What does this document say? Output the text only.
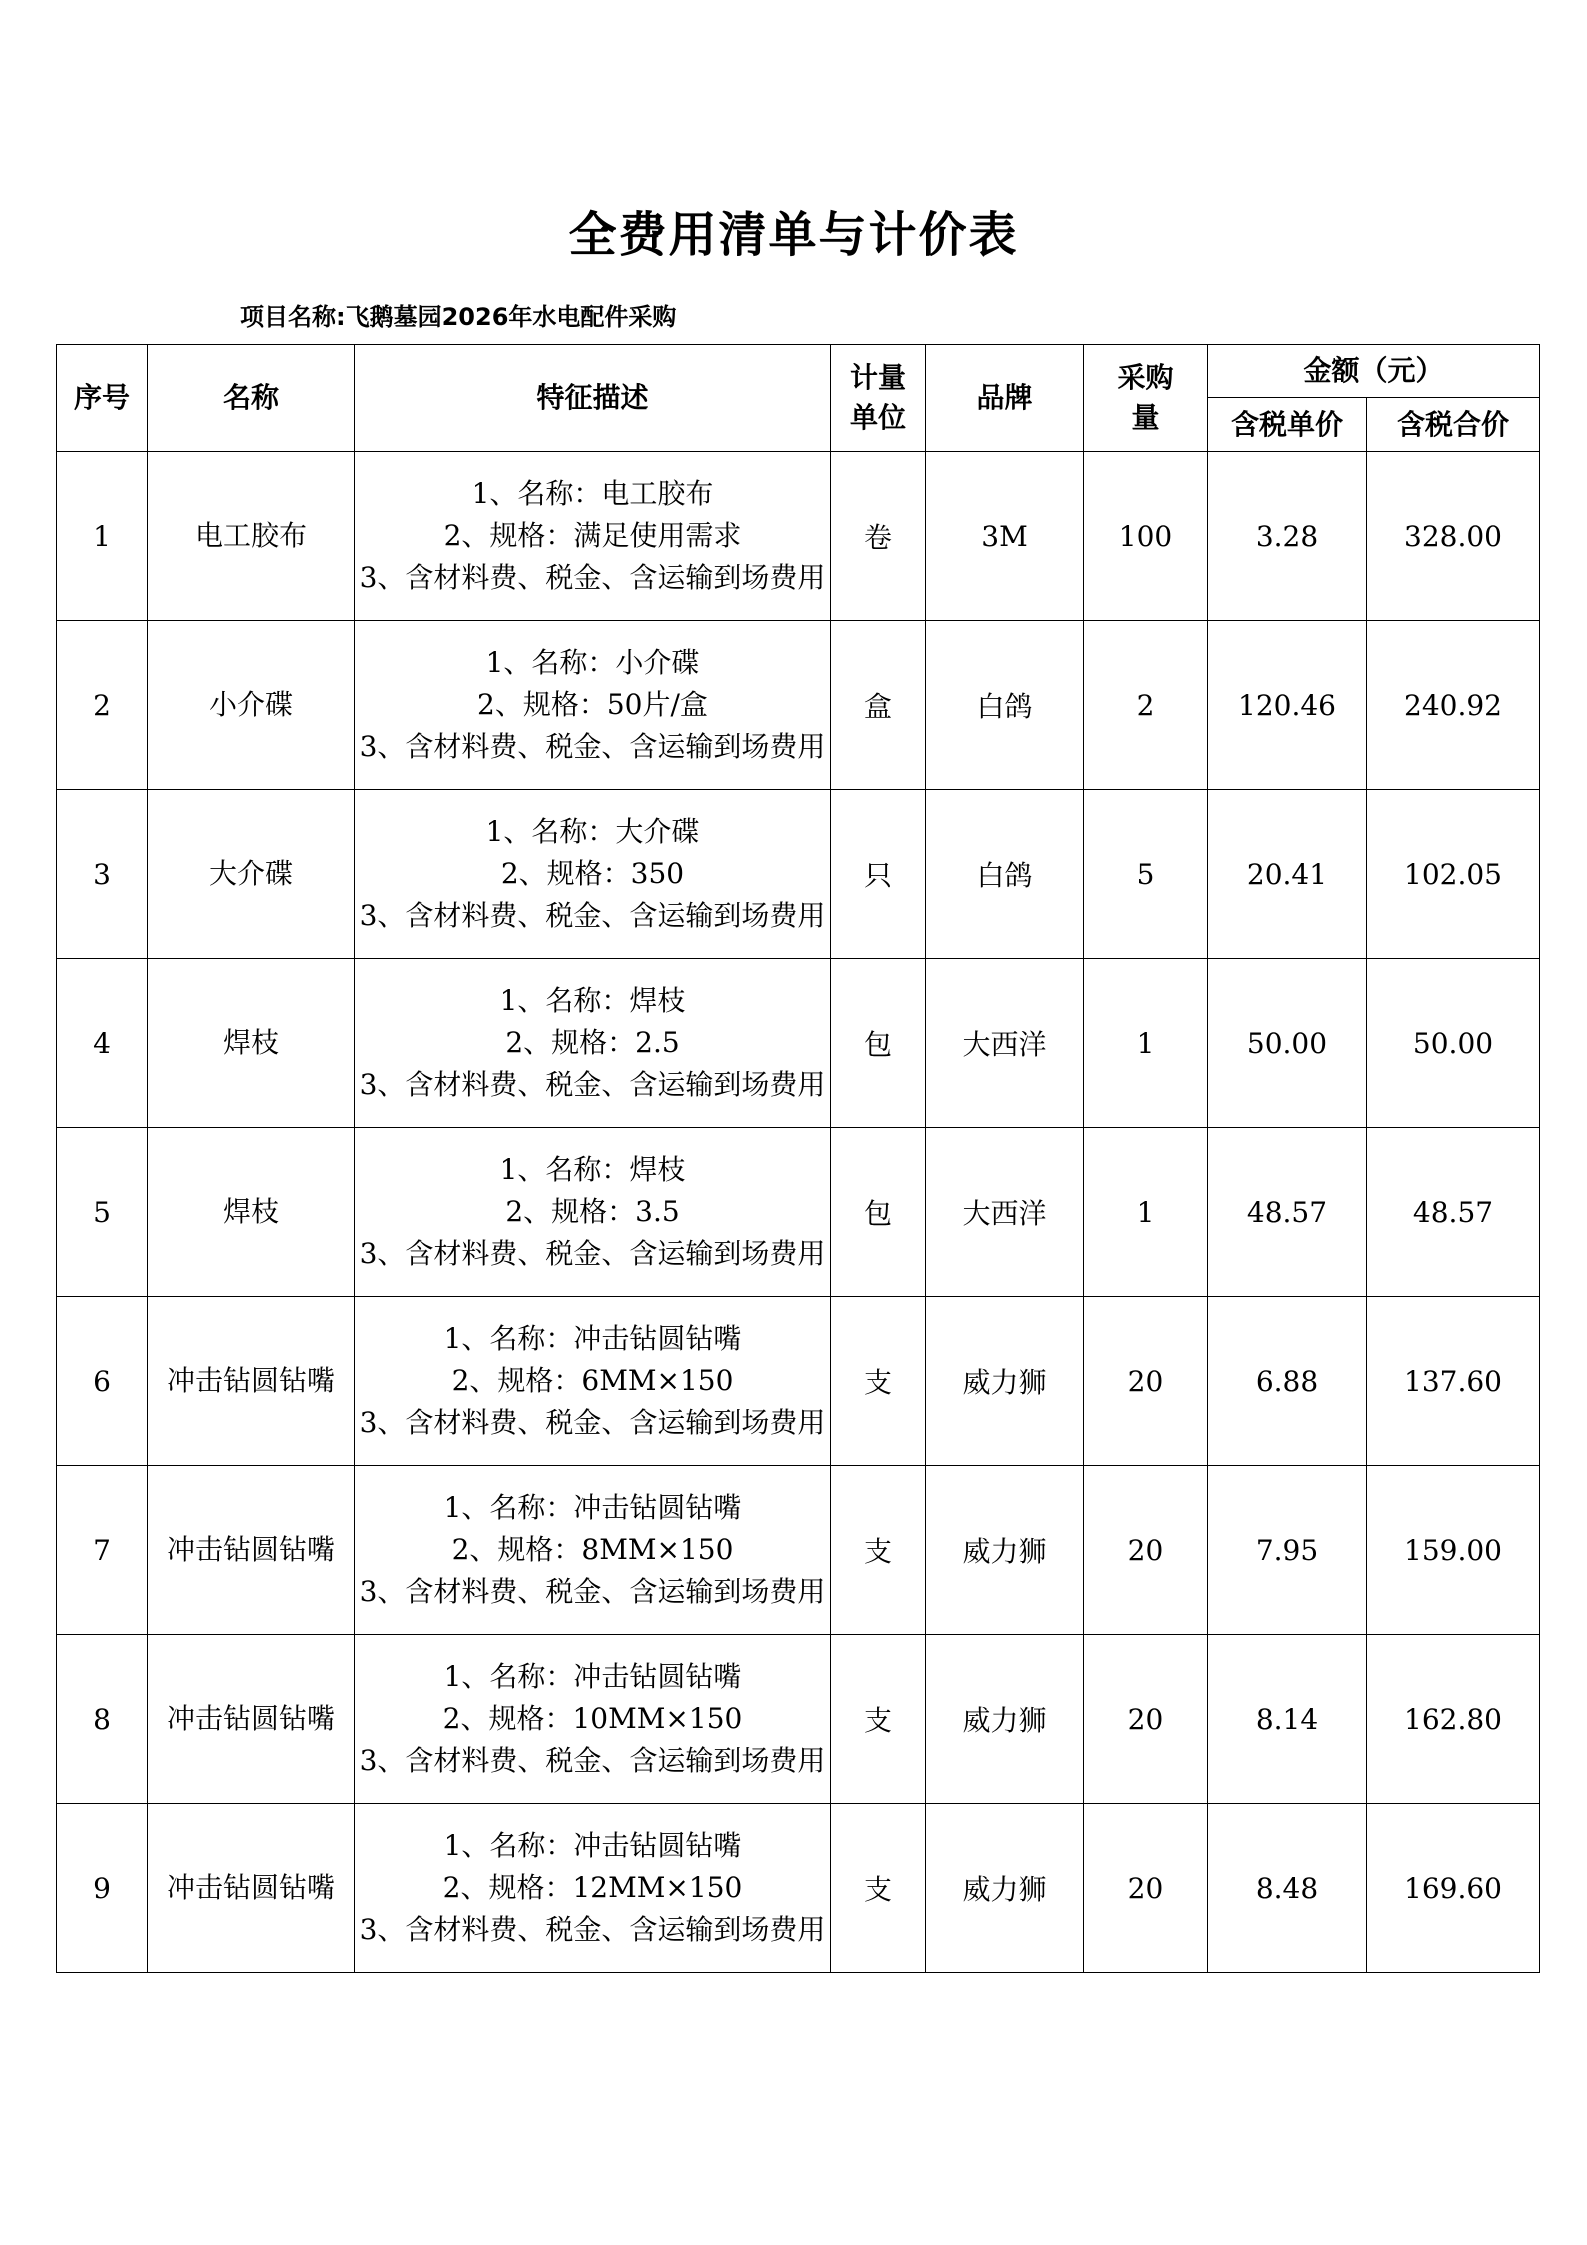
全费用清单与计价表
项目名称:飞鹅墓园2026年水电配件采购
序号	名称	特征描述	计量单位	品牌	采购量	金额（元）	
						含税单价	含税合价
1	电工胶布	1、名称：电工胶布
2、规格：满足使用需求
3、含材料费、税金、含运输到场费用	卷	3M	100	3.28	328.00
2	小介碟	1、名称：小介碟
2、规格：50片/盒
3、含材料费、税金、含运输到场费用	盒	白鸽	2	120.46	240.92
3	大介碟	1、名称：大介碟
2、规格：350
3、含材料费、税金、含运输到场费用	只	白鸽	5	20.41	102.05
4	焊枝	1、名称：焊枝
2、规格：2.5
3、含材料费、税金、含运输到场费用	包	大西洋	1	50.00	50.00
5	焊枝	1、名称：焊枝
2、规格：3.5
3、含材料费、税金、含运输到场费用	包	大西洋	1	48.57	48.57
6	冲击钻圆钻嘴	1、名称：冲击钻圆钻嘴
2、规格：6MM×150
3、含材料费、税金、含运输到场费用	支	威力狮	20	6.88	137.60
7	冲击钻圆钻嘴	1、名称：冲击钻圆钻嘴
2、规格：8MM×150
3、含材料费、税金、含运输到场费用	支	威力狮	20	7.95	159.00
8	冲击钻圆钻嘴	1、名称：冲击钻圆钻嘴
2、规格：10MM×150
3、含材料费、税金、含运输到场费用	支	威力狮	20	8.14	162.80
9	冲击钻圆钻嘴	1、名称：冲击钻圆钻嘴
2、规格：12MM×150
3、含材料费、税金、含运输到场费用	支	威力狮	20	8.48	169.60
